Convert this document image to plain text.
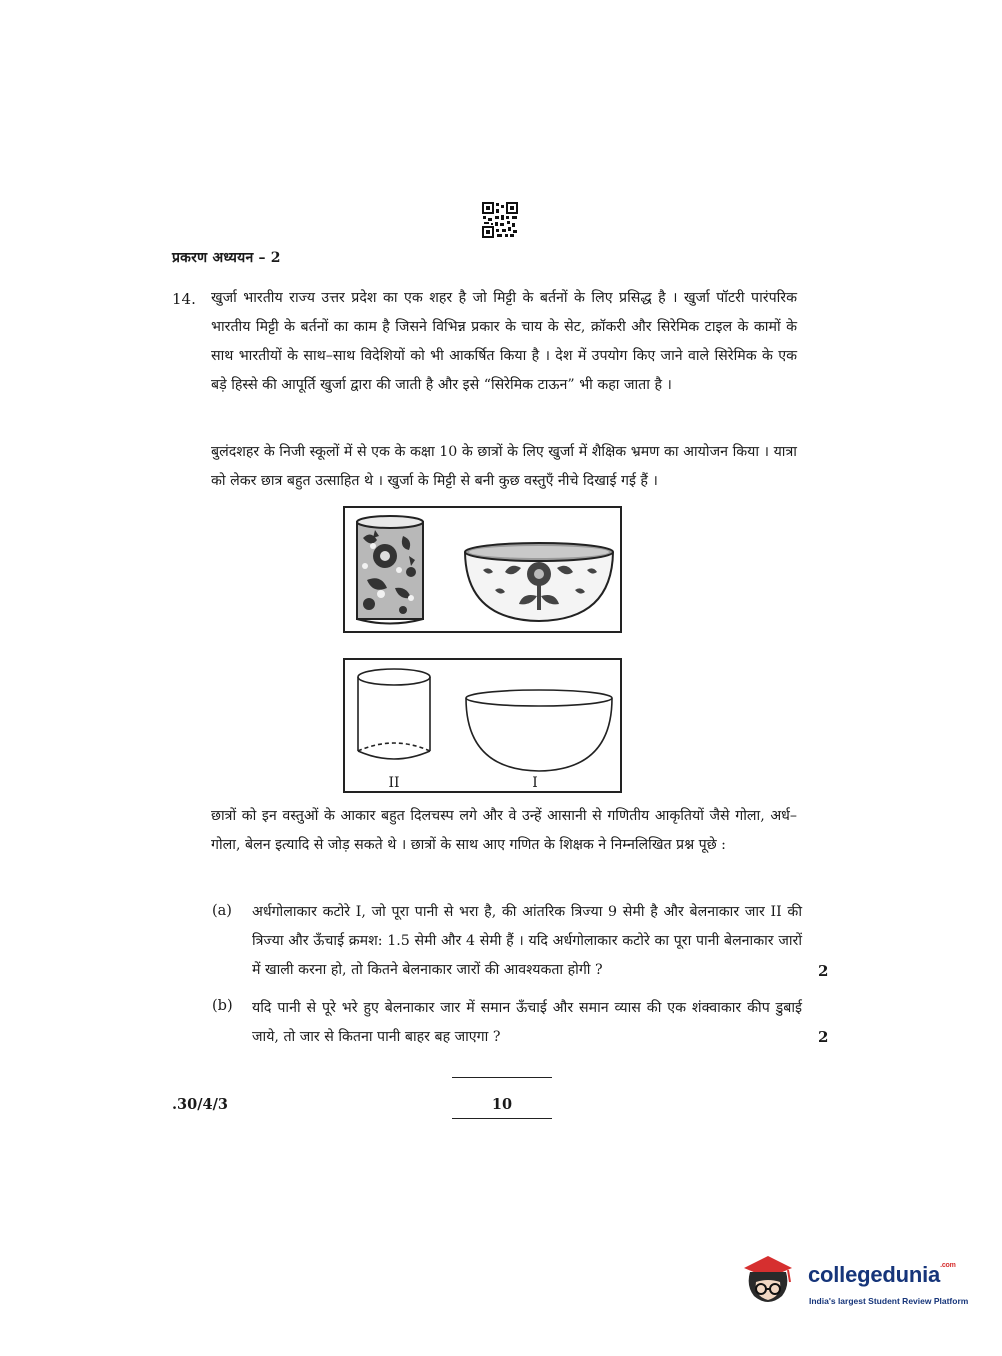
प्रकरण अध्ययन – 2
14. खुर्जा भारतीय राज्य उत्तर प्रदेश का एक शहर है जो मिट्टी के बर्तनों के लिए प्रसिद्ध है । खुर्जा पॉटरी पारंपरिक भारतीय मिट्टी के बर्तनों का काम है जिसने विभिन्न प्रकार के चाय के सेट, क्रॉकरी और सिरेमिक टाइल के कामों के साथ भारतीयों के साथ–साथ विदेशियों को भी आकर्षित किया है । देश में उपयोग किए जाने वाले सिरेमिक के एक बड़े हिस्से की आपूर्ति खुर्जा द्वारा की जाती है और इसे “सिरेमिक टाऊन” भी कहा जाता है ।

बुलंदशहर के निजी स्कूलों में से एक के कक्षा 10 के छात्रों के लिए खुर्जा में शैक्षिक भ्रमण का आयोजन किया । यात्रा को लेकर छात्र बहुत उत्साहित थे । खुर्जा के मिट्टी से बनी कुछ वस्तुएँ नीचे दिखाई गई हैं ।

II	I

छात्रों को इन वस्तुओं के आकार बहुत दिलचस्प लगे और वे उन्हें आसानी से गणितीय आकृतियों जैसे गोला, अर्ध–गोला, बेलन इत्यादि से जोड़ सकते थे । छात्रों के साथ आए गणित के शिक्षक ने निम्नलिखित प्रश्न पूछे :

(a) अर्धगोलाकार कटोरे I, जो पूरा पानी से भरा है, की आंतरिक त्रिज्या 9 सेमी है और बेलनाकार जार II की त्रिज्या और ऊँचाई क्रमश: 1.5 सेमी और 4 सेमी हैं । यदि अर्धगोलाकार कटोरे का पूरा पानी बेलनाकार जारों में खाली करना हो, तो कितने बेलनाकार जारों की आवश्यकता होगी ?	2
(b) यदि पानी से पूरे भरे हुए बेलनाकार जार में समान ऊँचाई और समान व्यास की एक शंक्वाकार कीप डुबाई जाये, तो जार से कितना पानी बाहर बह जाएगा ?	2
.30/4/3	10
collegedunia$^{.com}$
India's largest Student Review Platform
